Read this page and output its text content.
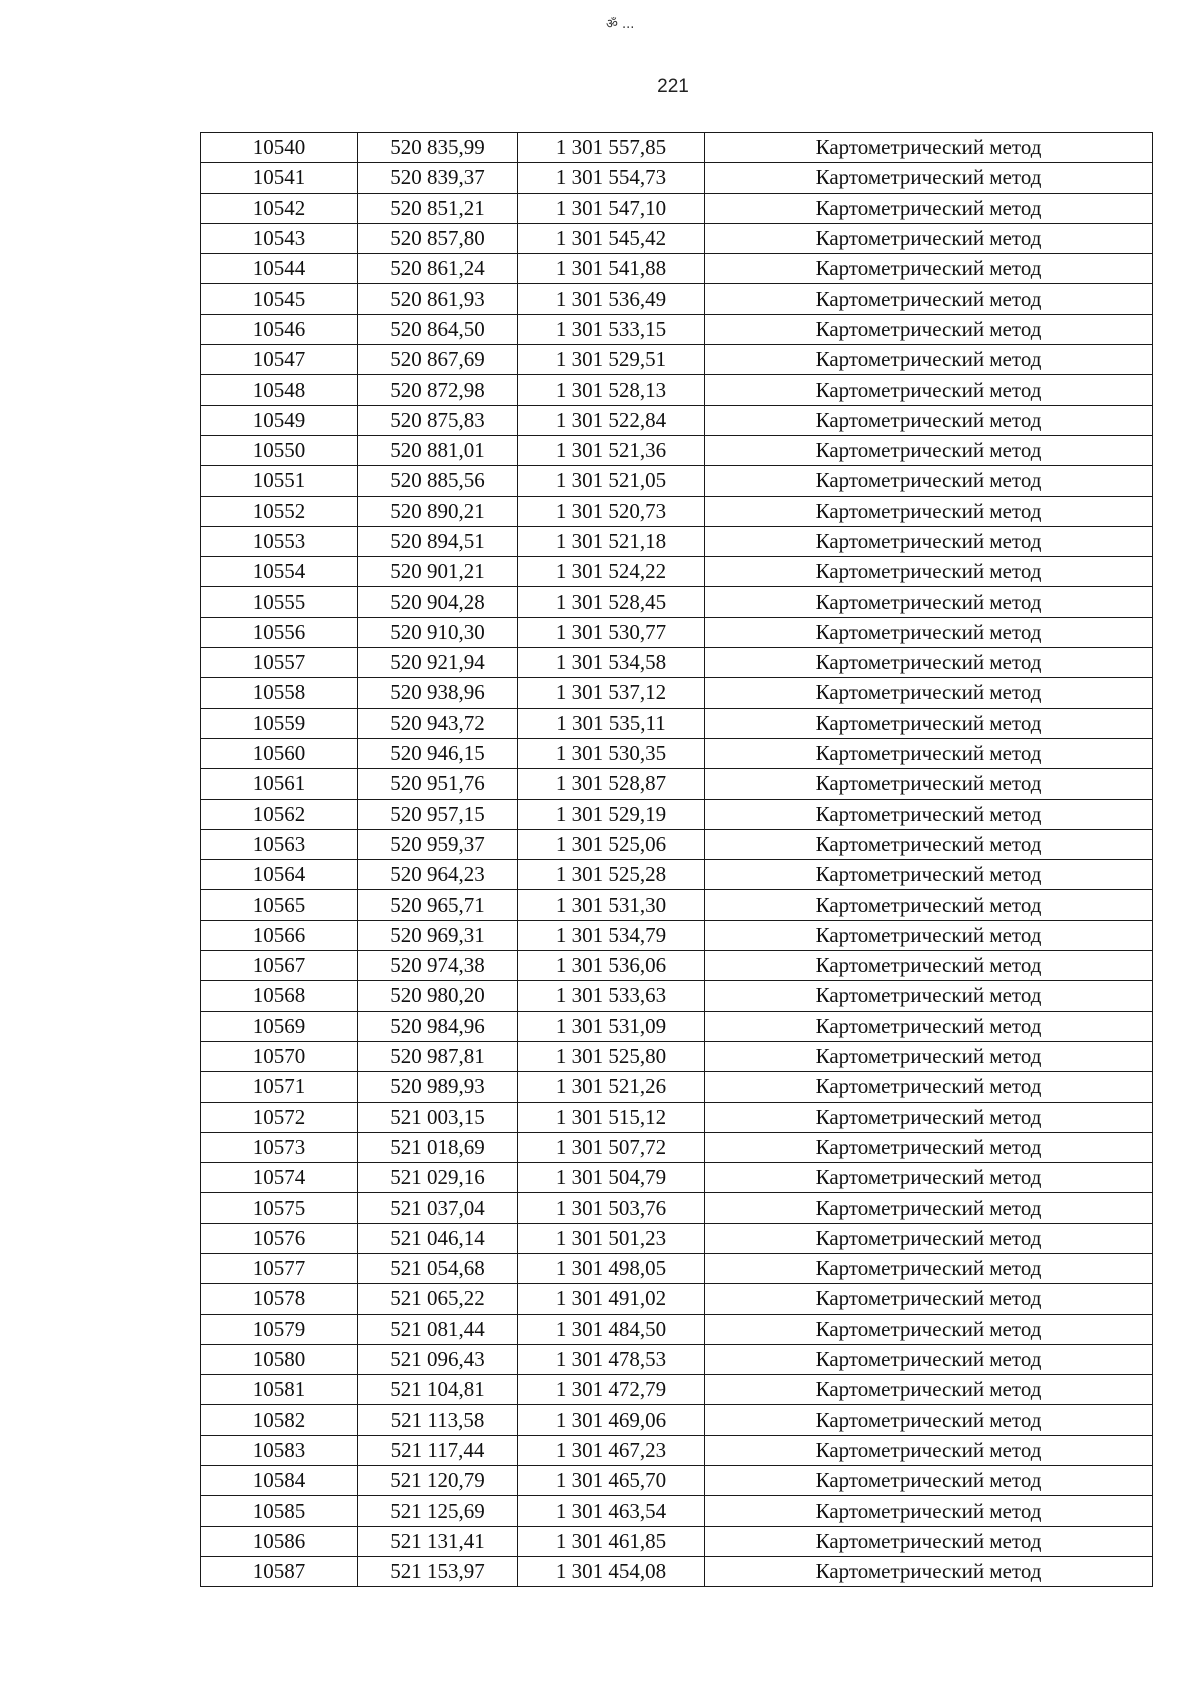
ॐ ...
221
10540	520 835,99	1 301 557,85	Картометрический метод
10541	520 839,37	1 301 554,73	Картометрический метод
10542	520 851,21	1 301 547,10	Картометрический метод
10543	520 857,80	1 301 545,42	Картометрический метод
10544	520 861,24	1 301 541,88	Картометрический метод
10545	520 861,93	1 301 536,49	Картометрический метод
10546	520 864,50	1 301 533,15	Картометрический метод
10547	520 867,69	1 301 529,51	Картометрический метод
10548	520 872,98	1 301 528,13	Картометрический метод
10549	520 875,83	1 301 522,84	Картометрический метод
10550	520 881,01	1 301 521,36	Картометрический метод
10551	520 885,56	1 301 521,05	Картометрический метод
10552	520 890,21	1 301 520,73	Картометрический метод
10553	520 894,51	1 301 521,18	Картометрический метод
10554	520 901,21	1 301 524,22	Картометрический метод
10555	520 904,28	1 301 528,45	Картометрический метод
10556	520 910,30	1 301 530,77	Картометрический метод
10557	520 921,94	1 301 534,58	Картометрический метод
10558	520 938,96	1 301 537,12	Картометрический метод
10559	520 943,72	1 301 535,11	Картометрический метод
10560	520 946,15	1 301 530,35	Картометрический метод
10561	520 951,76	1 301 528,87	Картометрический метод
10562	520 957,15	1 301 529,19	Картометрический метод
10563	520 959,37	1 301 525,06	Картометрический метод
10564	520 964,23	1 301 525,28	Картометрический метод
10565	520 965,71	1 301 531,30	Картометрический метод
10566	520 969,31	1 301 534,79	Картометрический метод
10567	520 974,38	1 301 536,06	Картометрический метод
10568	520 980,20	1 301 533,63	Картометрический метод
10569	520 984,96	1 301 531,09	Картометрический метод
10570	520 987,81	1 301 525,80	Картометрический метод
10571	520 989,93	1 301 521,26	Картометрический метод
10572	521 003,15	1 301 515,12	Картометрический метод
10573	521 018,69	1 301 507,72	Картометрический метод
10574	521 029,16	1 301 504,79	Картометрический метод
10575	521 037,04	1 301 503,76	Картометрический метод
10576	521 046,14	1 301 501,23	Картометрический метод
10577	521 054,68	1 301 498,05	Картометрический метод
10578	521 065,22	1 301 491,02	Картометрический метод
10579	521 081,44	1 301 484,50	Картометрический метод
10580	521 096,43	1 301 478,53	Картометрический метод
10581	521 104,81	1 301 472,79	Картометрический метод
10582	521 113,58	1 301 469,06	Картометрический метод
10583	521 117,44	1 301 467,23	Картометрический метод
10584	521 120,79	1 301 465,70	Картометрический метод
10585	521 125,69	1 301 463,54	Картометрический метод
10586	521 131,41	1 301 461,85	Картометрический метод
10587	521 153,97	1 301 454,08	Картометрический метод
